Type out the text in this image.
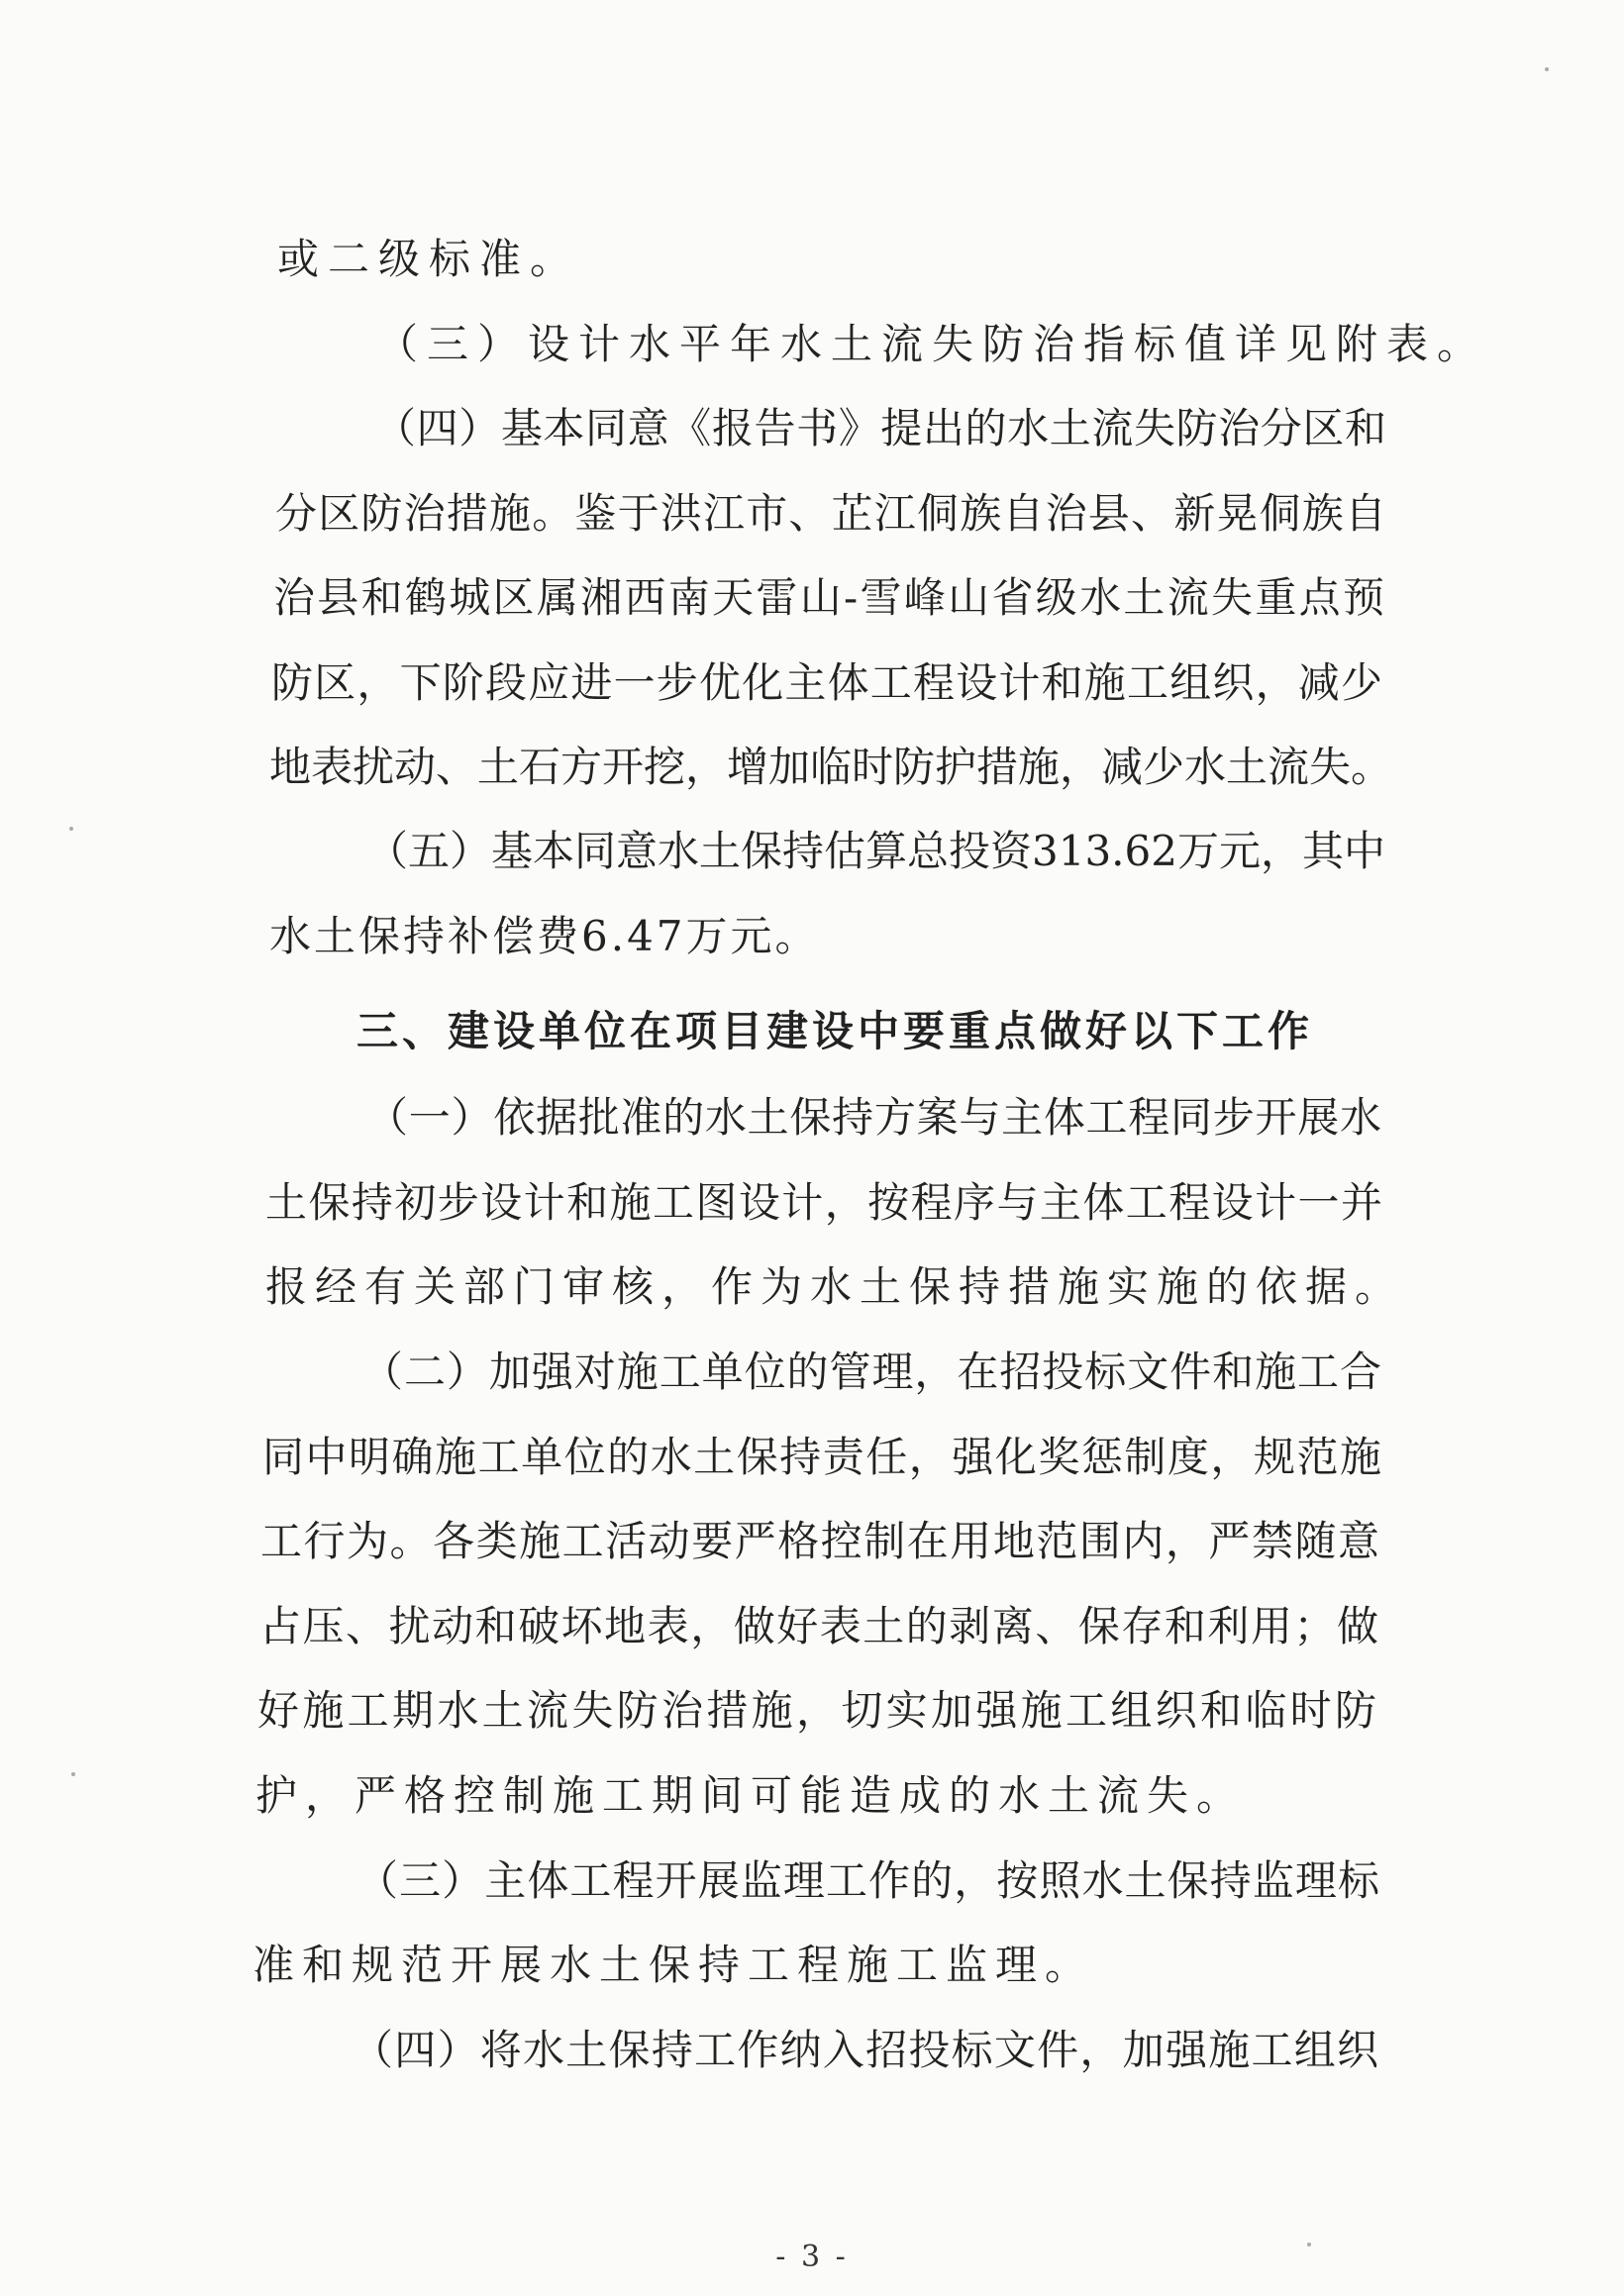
或二级标准。
（三）设计水平年水土流失防治指标值详见附表。
（四）基本同意《报告书》提出的水土流失防治分区和
分区防治措施。鉴于洪江市、芷江侗族自治县、新晃侗族自
治县和鹤城区属湘西南天雷山-雪峰山省级水土流失重点预
防区，下阶段应进一步优化主体工程设计和施工组织，减少
地表扰动、土石方开挖，增加临时防护措施，减少水土流失。
（五）基本同意水土保持估算总投资313.62万元，其中
水土保持补偿费6.47万元。
三、建设单位在项目建设中要重点做好以下工作
（一）依据批准的水土保持方案与主体工程同步开展水
土保持初步设计和施工图设计，按程序与主体工程设计一并
报经有关部门审核，作为水土保持措施实施的依据。
（二）加强对施工单位的管理，在招投标文件和施工合
同中明确施工单位的水土保持责任，强化奖惩制度，规范施
工行为。各类施工活动要严格控制在用地范围内，严禁随意
占压、扰动和破坏地表，做好表土的剥离、保存和利用；做
好施工期水土流失防治措施，切实加强施工组织和临时防
护，严格控制施工期间可能造成的水土流失。
（三）主体工程开展监理工作的，按照水土保持监理标
准和规范开展水土保持工程施工监理。
（四）将水土保持工作纳入招投标文件，加强施工组织
- 3 -
